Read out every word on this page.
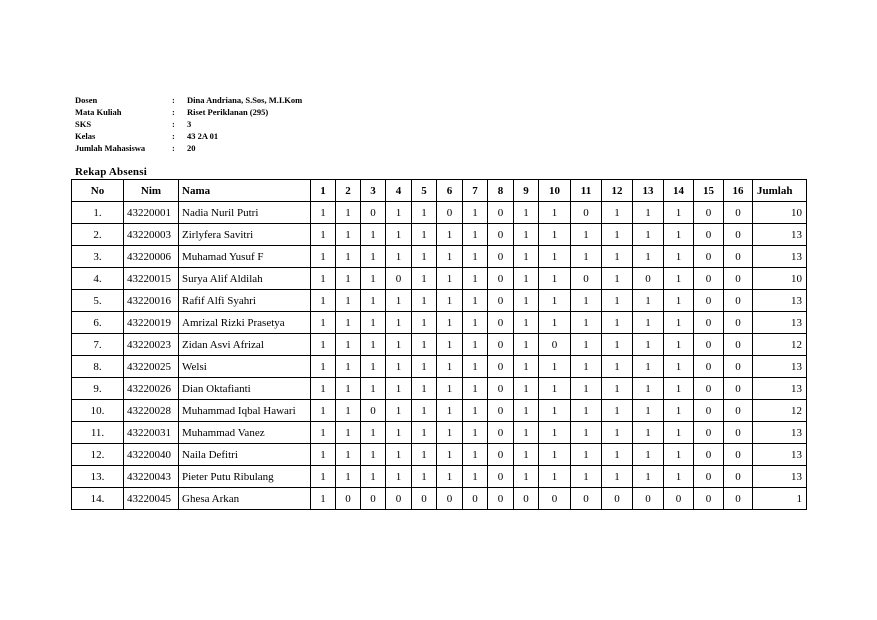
Dosen	:	Dina Andriana, S.Sos, M.I.Kom
Mata Kuliah	:	Riset Periklanan (295)
SKS	:	3
Kelas	:	43 2A 01
Jumlah Mahasiswa	:	20
Rekap Absensi
No	Nim	Nama	1	2	3	4	5	6	7	8	9	10	11	12	13	14	15	16	Jumlah
1.	43220001	Nadia Nuril Putri	1	1	0	1	1	0	1	0	1	1	0	1	1	1	0	0	10
2.	43220003	Zirlyfera Savitri	1	1	1	1	1	1	1	0	1	1	1	1	1	1	0	0	13
3.	43220006	Muhamad Yusuf F	1	1	1	1	1	1	1	0	1	1	1	1	1	1	0	0	13
4.	43220015	Surya Alif Aldilah	1	1	1	0	1	1	1	0	1	1	0	1	0	1	0	0	10
5.	43220016	Rafif Alfi Syahri	1	1	1	1	1	1	1	0	1	1	1	1	1	1	0	0	13
6.	43220019	Amrizal Rizki Prasetya	1	1	1	1	1	1	1	0	1	1	1	1	1	1	0	0	13
7.	43220023	Zidan Asvi Afrizal	1	1	1	1	1	1	1	0	1	0	1	1	1	1	0	0	12
8.	43220025	Welsi	1	1	1	1	1	1	1	0	1	1	1	1	1	1	0	0	13
9.	43220026	Dian Oktafianti	1	1	1	1	1	1	1	0	1	1	1	1	1	1	0	0	13
10.	43220028	Muhammad Iqbal Hawari	1	1	0	1	1	1	1	0	1	1	1	1	1	1	0	0	12
11.	43220031	Muhammad Vanez	1	1	1	1	1	1	1	0	1	1	1	1	1	1	0	0	13
12.	43220040	Naila Defitri	1	1	1	1	1	1	1	0	1	1	1	1	1	1	0	0	13
13.	43220043	Pieter Putu Ribulang	1	1	1	1	1	1	1	0	1	1	1	1	1	1	0	0	13
14.	43220045	Ghesa Arkan	1	0	0	0	0	0	0	0	0	0	0	0	0	0	0	0	1
